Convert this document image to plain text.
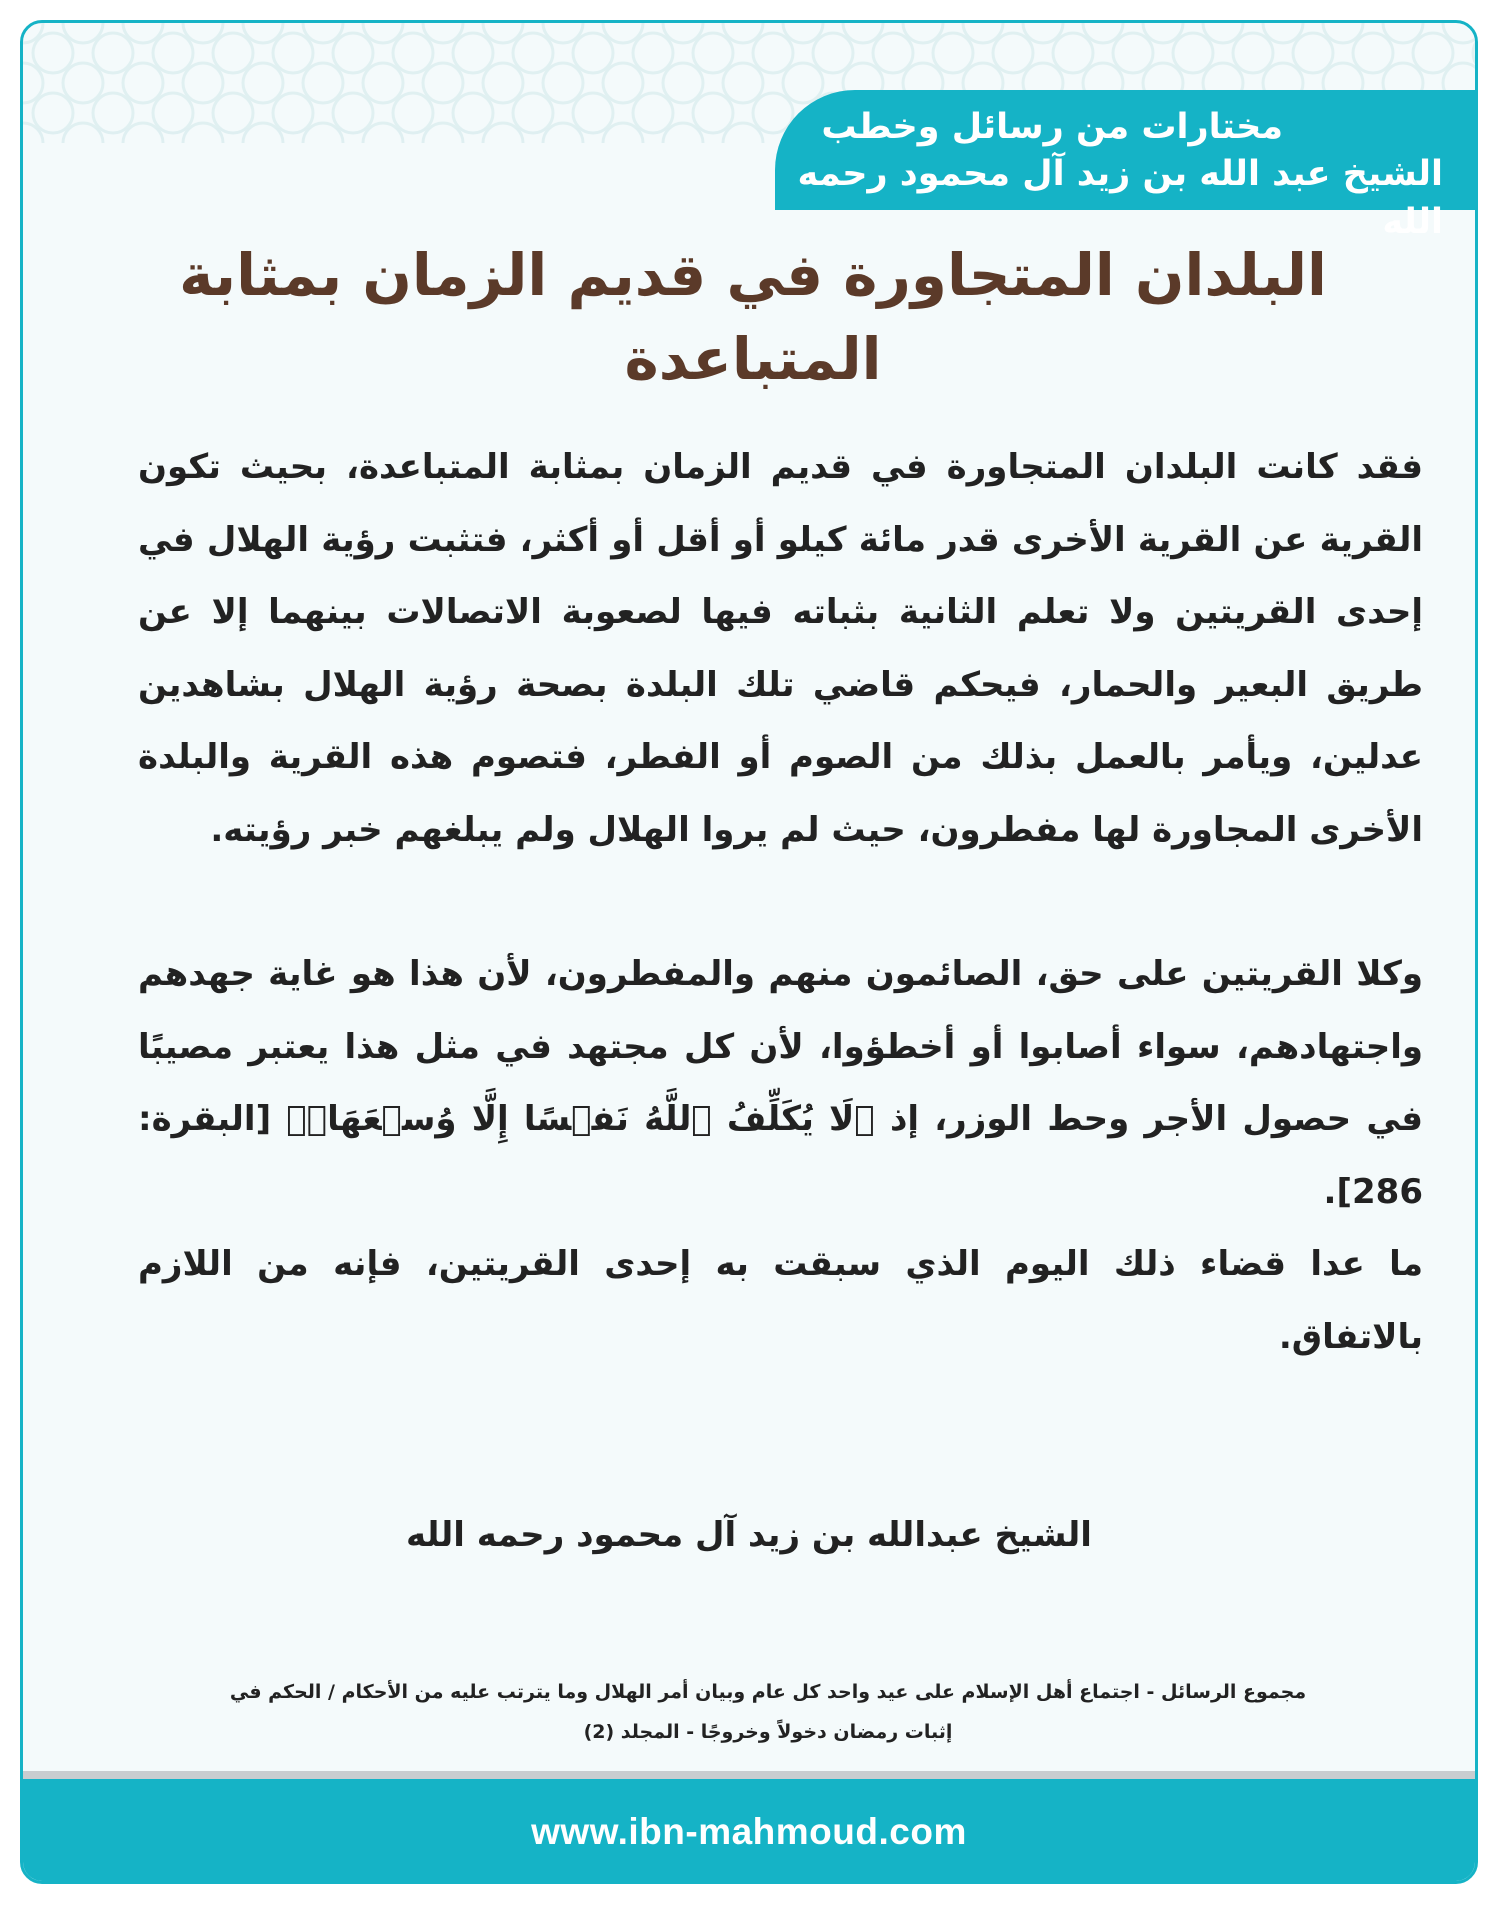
مختارات من رسائل وخطب
الشيخ عبد الله بن زيد آل محمود رحمه الله
البلدان المتجاورة في قديم الزمان بمثابة المتباعدة

فقد كانت البلدان المتجاورة في قديم الزمان بمثابة المتباعدة، بحيث تكون القرية عن القرية الأخرى قدر مائة كيلو أو أقل أو أكثر، فتثبت رؤية الهلال في إحدى القريتين ولا تعلم الثانية بثباته فيها لصعوبة الاتصالات بينهما إلا عن طريق البعير والحمار، فيحكم قاضي تلك البلدة بصحة رؤية الهلال بشاهدين عدلين، ويأمر بالعمل بذلك من الصوم أو الفطر، فتصوم هذه القرية والبلدة الأخرى المجاورة لها مفطرون، حيث لم يروا الهلال ولم يبلغهم خبر رؤيته.

وكلا القريتين على حق، الصائمون منهم والمفطرون، لأن هذا هو غاية جهدهم واجتهادهم، سواء أصابوا أو أخطؤوا، لأن كل مجتهد في مثل هذا يعتبر مصيبًا في حصول الأجر وحط الوزر، إذ ﴿لَا يُكَلِّفُ ٱللَّهُ نَفۡسًا إِلَّا وُسۡعَهَاۚ﴾ [البقرة: 286].

ما عدا قضاء ذلك اليوم الذي سبقت به إحدى القريتين، فإنه من اللازم بالاتفاق.

الشيخ عبدالله بن زيد آل محمود رحمه الله
مجموع الرسائل - اجتماع أهل الإسلام على عيد واحد كل عام وبيان أمر الهلال وما يترتب عليه من الأحكام / الحكم في
إثبات رمضان دخولاً وخروجًا - المجلد (2)
www.ibn-mahmoud.com
